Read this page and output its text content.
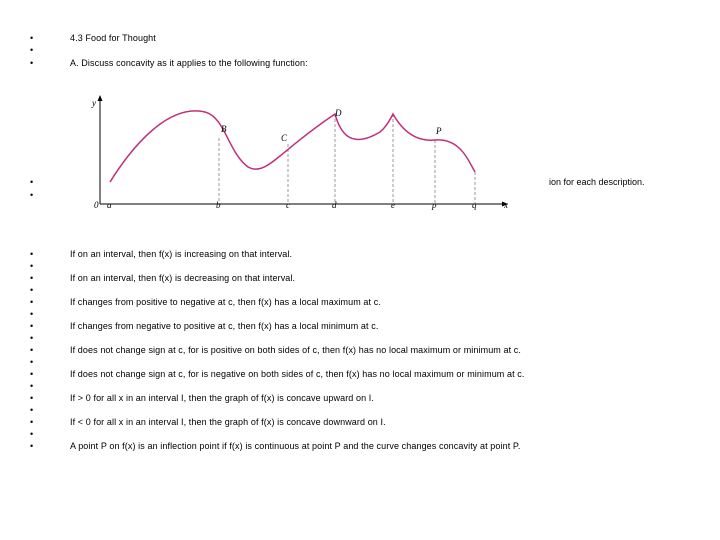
•
•
•
•
•
•
•
•
•
•
•
•
•
•
•
•
•
•
•
•
•
•
4.3 Food for Thought
A. Discuss concavity as it applies to the following function:
ion for each description.
y
x
0 a	b	c	d	e	p	q
B
C
D
P
If on an interval, then f(x) is increasing on that interval.
If on an interval, then f(x) is decreasing on that interval.
If changes from positive to negative at c, then f(x) has a local maximum at c.
If changes from negative to positive at c, then f(x) has a local minimum at c.
If does not change sign at c, for is positive on both sides of c, then f(x) has no local maximum or minimum at c.
If does not change sign at c, for is negative on both sides of c, then f(x) has no local maximum or minimum at c.
If > 0 for all x in an interval I, then the graph of f(x) is concave upward on I.
If < 0 for all x in an interval I, then the graph of f(x) is concave downward on I.
A point P on f(x) is an inflection point if f(x) is continuous at point P and the curve changes concavity at point P.
